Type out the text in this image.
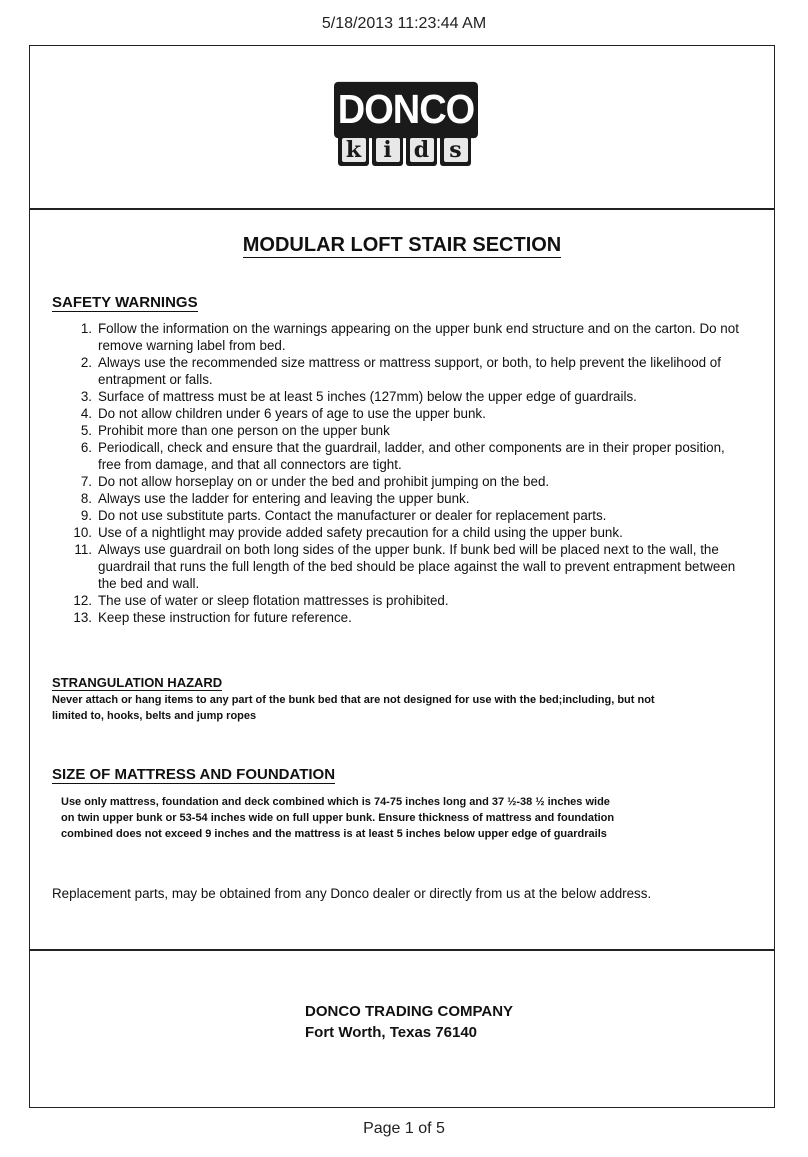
5/18/2013 11:23:44 AM
DONCO
k	i	d s
MODULAR LOFT STAIR SECTION
SAFETY WARNINGS
1. Follow the information on the warnings appearing on the upper bunk end structure and on the carton. Do not remove warning label from bed.
2. Always use the recommended size mattress or mattress support, or both, to help prevent the likelihood of entrapment or falls.
3. Surface of mattress must be at least 5 inches (127mm) below the upper edge of guardrails.
4. Do not allow children under 6 years of age to use the upper bunk.
5. Prohibit more than one person on the upper bunk
6. Periodicall, check and ensure that the guardrail, ladder, and other components are in their proper position, free from damage, and that all connectors are tight.
7. Do not allow horseplay on or under the bed and prohibit jumping on the bed.
8. Always use the ladder for entering and leaving the upper bunk.
9. Do not use substitute parts. Contact the manufacturer or dealer for replacement parts.
10. Use of a nightlight may provide added safety precaution for a child using the upper bunk.
11. Always use guardrail on both long sides of the upper bunk. If bunk bed will be placed next to the wall, the guardrail that runs the full length of the bed should be place against the wall to prevent entrapment between the bed and wall.
12. The use of water or sleep flotation mattresses is prohibited.
13. Keep these instruction for future reference.
STRANGULATION HAZARD
Never attach or hang items to any part of the bunk bed that are not designed for use with the bed;including, but not limited to, hooks, belts and jump ropes
SIZE OF MATTRESS AND FOUNDATION
Use only mattress, foundation and deck combined which is 74-75 inches long and 37 ½-38 ½ inches wide on twin upper bunk or 53-54 inches wide on full upper bunk. Ensure thickness of mattress and foundation combined does not exceed 9 inches and the mattress is at least 5 inches below upper edge of guardrails
Replacement parts, may be obtained from any Donco dealer or directly from us at the below address.
DONCO TRADING COMPANY
Fort Worth, Texas 76140
Page 1 of 5
